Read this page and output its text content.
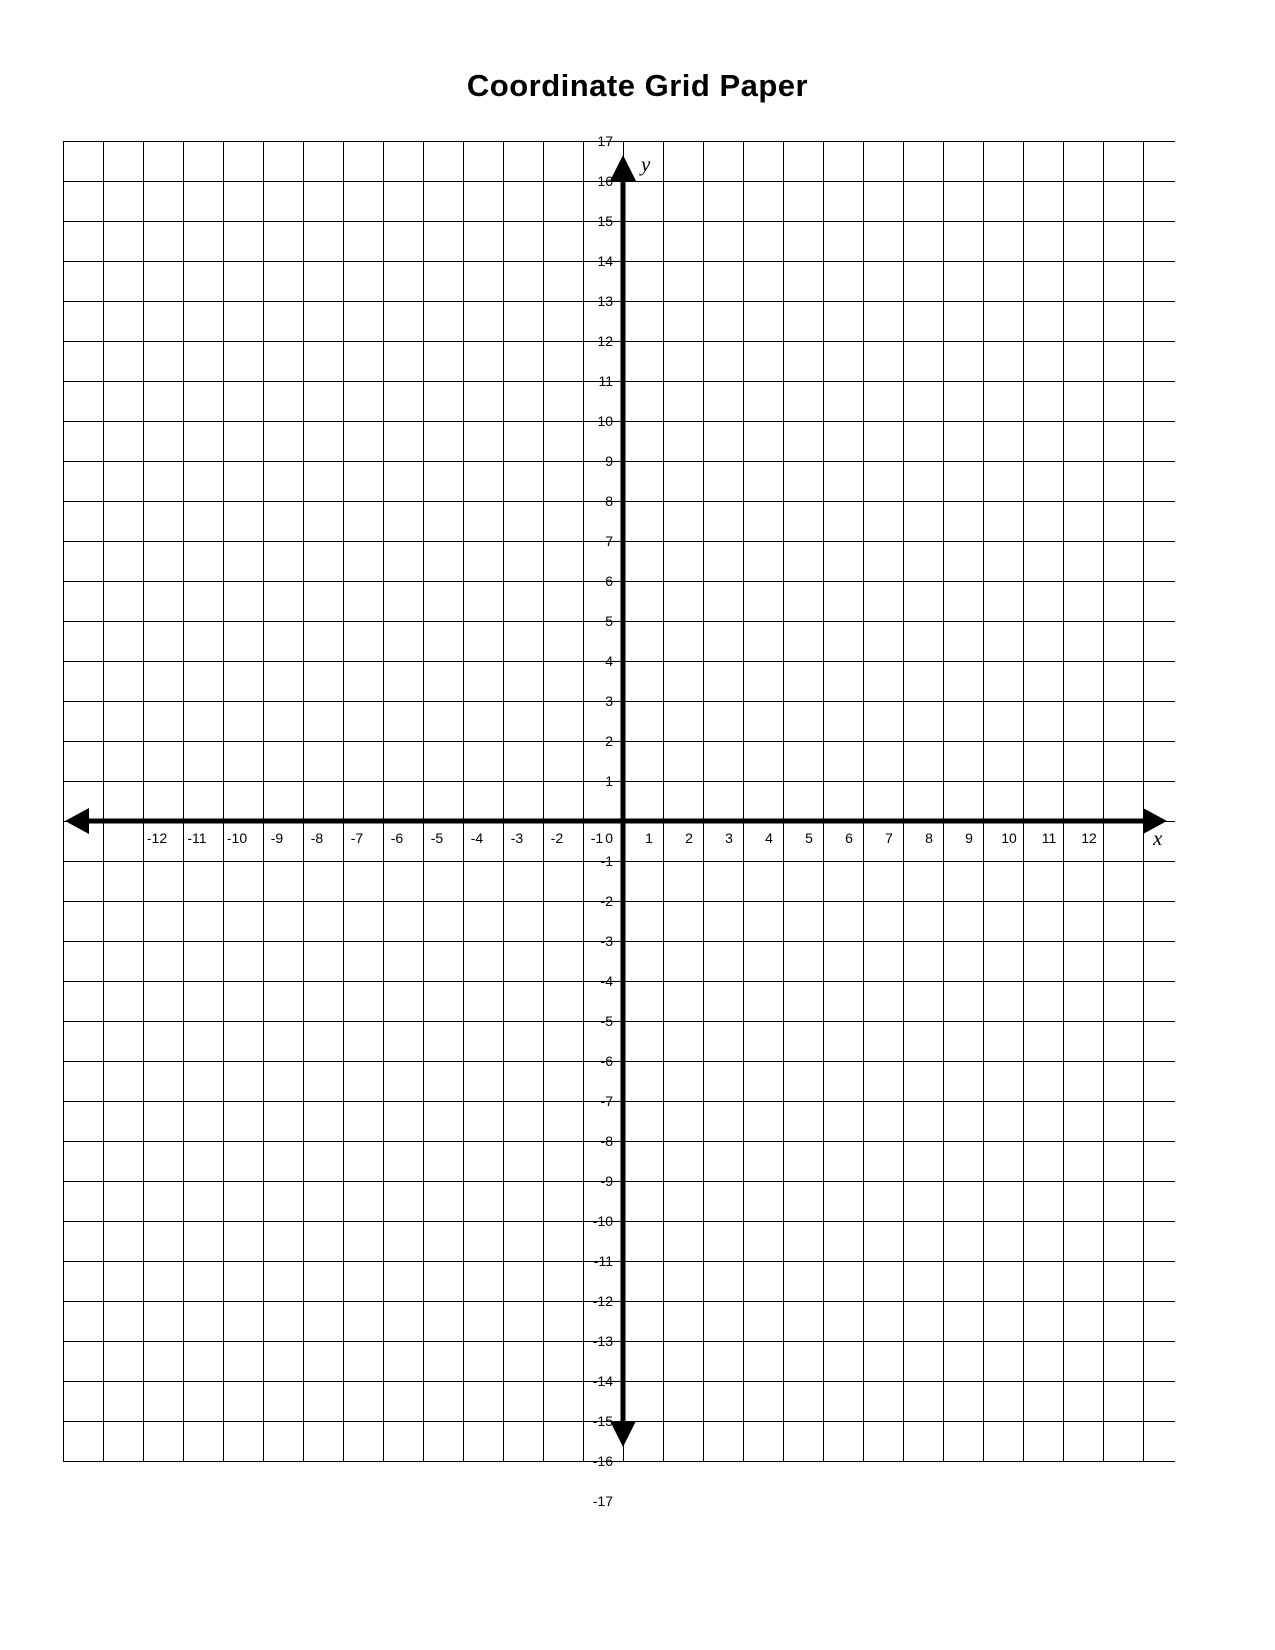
Coordinate Grid Paper
y
x
0
-12 -11 -10 -9 -8 -7 -6 -5 -4 -3 -2 -1	1 2 3 4 5 6 7 8 9 10 11 12
1
2
3
4
5
6
7
8
9
10
11
12
13
14
15
16
17
-1
-2
-3
-4
-5
-6
-7
-8
-9
-10
-11
-12
-13
-14
-15
-16
-17
